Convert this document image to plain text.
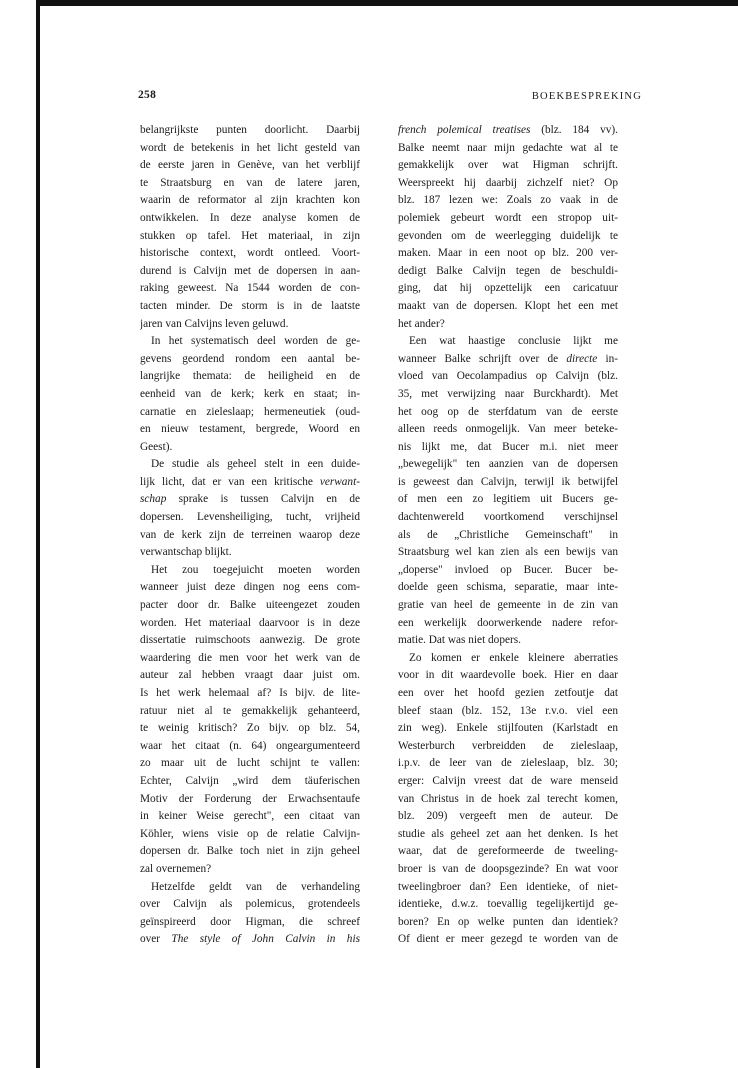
258	BOEKBESPREKING
belangrijkste punten doorlicht. Daarbij
wordt de betekenis in het licht gesteld van
de eerste jaren in Genève, van het verblijf
te Straatsburg en van de latere jaren,
waarin de reformator al zijn krachten kon
ontwikkelen. In deze analyse komen de
stukken op tafel. Het materiaal, in zijn
historische context, wordt ontleed. Voort-
durend is Calvijn met de dopersen in aan-
raking geweest. Na 1544 worden de con-
tacten minder. De storm is in de laatste
jaren van Calvijns leven geluwd.
In het systematisch deel worden de ge-
gevens geordend rondom een aantal be-
langrijke themata: de heiligheid en de
eenheid van de kerk; kerk en staat; in-
carnatie en zieleslaap; hermeneutiek (oud-
en nieuw testament, bergrede, Woord en
Geest).
De studie als geheel stelt in een duide-
lijk licht, dat er van een kritische verwant-
schap sprake is tussen Calvijn en de
dopersen. Levensheiliging, tucht, vrijheid
van de kerk zijn de terreinen waarop deze
verwantschap blijkt.
Het zou toegejuicht moeten worden
wanneer juist deze dingen nog eens com-
pacter door dr. Balke uiteengezet zouden
worden. Het materiaal daarvoor is in deze
dissertatie ruimschoots aanwezig. De grote
waardering die men voor het werk van de
auteur zal hebben vraagt daar juist om.
Is het werk helemaal af? Is bijv. de lite-
ratuur niet al te gemakkelijk gehanteerd,
te weinig kritisch? Zo bijv. op blz. 54,
waar het citaat (n. 64) ongeargumenteerd
zo maar uit de lucht schijnt te vallen:
Echter, Calvijn „wird dem täuferischen
Motiv der Forderung der Erwachsentaufe
in keiner Weise gerecht", een citaat van
Köhler, wiens visie op de relatie Calvijn-
dopersen dr. Balke toch niet in zijn geheel
zal overnemen?
Hetzelfde geldt van de verhandeling
over Calvijn als polemicus, grotendeels
geïnspireerd door Higman, die schreef
over The style of John Calvin in his
french polemical treatises (blz. 184 vv).
Balke neemt naar mijn gedachte wat al te
gemakkelijk over wat Higman schrijft.
Weerspreekt hij daarbij zichzelf niet? Op
blz. 187 lezen we: Zoals zo vaak in de
polemiek gebeurt wordt een stropop uit-
gevonden om de weerlegging duidelijk te
maken. Maar in een noot op blz. 200 ver-
dedigt Balke Calvijn tegen de beschuldi-
ging, dat hij opzettelijk een caricatuur
maakt van de dopersen. Klopt het een met
het ander?
Een wat haastige conclusie lijkt me
wanneer Balke schrijft over de directe in-
vloed van Oecolampadius op Calvijn (blz.
35, met verwijzing naar Burckhardt). Met
het oog op de sterfdatum van de eerste
alleen reeds onmogelijk. Van meer beteke-
nis lijkt me, dat Bucer m.i. niet meer
„bewegelijk" ten aanzien van de dopersen
is geweest dan Calvijn, terwijl ik betwijfel
of men een zo legitiem uit Bucers ge-
dachtenwereld voortkomend verschijnsel
als de „Christliche Gemeinschaft" in
Straatsburg wel kan zien als een bewijs van
„doperse" invloed op Bucer. Bucer be-
doelde geen schisma, separatie, maar inte-
gratie van heel de gemeente in de zin van
een werkelijk doorwerkende nadere refor-
matie. Dat was niet dopers.
Zo komen er enkele kleinere aberraties
voor in dit waardevolle boek. Hier en daar
een over het hoofd gezien zetfoutje dat
bleef staan (blz. 152, 13e r.v.o. viel een
zin weg). Enkele stijlfouten (Karlstadt en
Westerburch verbreidden de zieleslaap,
i.p.v. de leer van de zieleslaap, blz. 30;
erger: Calvijn vreest dat de ware menseid
van Christus in de hoek zal terecht komen,
blz. 209) vergeeft men de auteur. De
studie als geheel zet aan het denken. Is het
waar, dat de gereformeerde de tweeling-
broer is van de doopsgezinde? En wat voor
tweelingbroer dan? Een identieke, of niet-
identieke, d.w.z. toevallig tegelijkertijd ge-
boren? En op welke punten dan identiek?
Of dient er meer gezegd te worden van de
